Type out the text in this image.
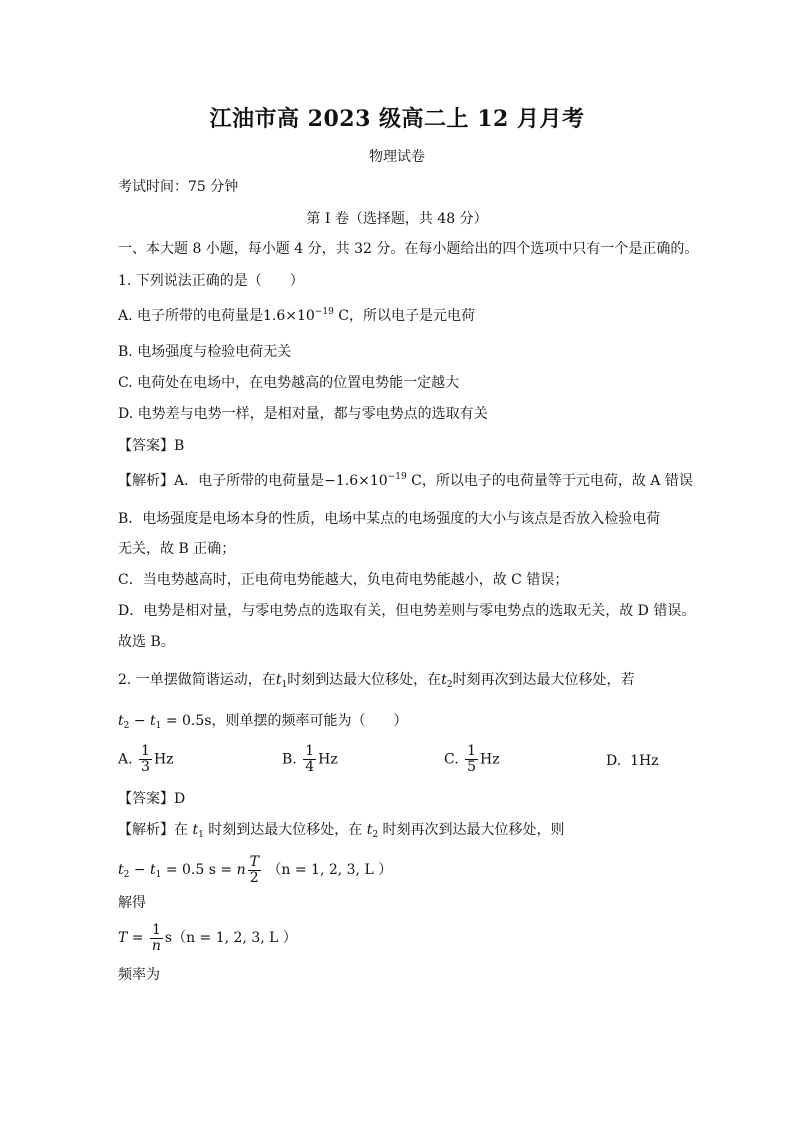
江油市高 2023 级高二上 12 月月考
物理试卷
考试时间：75 分钟
第 I 卷（选择题，共 48 分）
一、本大题 8 小题，每小题 4 分，共 32 分。在每小题给出的四个选项中只有一个是正确的。
1. 下列说法正确的是（　　）
A. 电子所带的电荷量是$1.6\times 10^{-19}$ C，所以电子是元电荷
B. 电场强度与检验电荷无关
C. 电荷处在电场中，在电势越高的位置电势能一定越大
D. 电势差与电势一样，是相对量，都与零电势点的选取有关
【答案】B
【解析】A．电子所带的电荷量是$-1.6\times 10^{-19}$ C，所以电子的电荷量等于元电荷，故 A 错误
B．电场强度是电场本身的性质，电场中某点的电场强度的大小与该点是否放入检验电荷
无关，故 B 正确；
C．当电势越高时，正电荷电势能越大，负电荷电势能越小，故 C 错误；
D．电势是相对量，与零电势点的选取有关，但电势差则与零电势点的选取无关，故 D 错误。
故选 B。
2. 一单摆做简谐运动，在$t_1$时刻到达最大位移处，在$t_2$时刻再次到达最大位移处，若
$t_2 - t_1 = 0.5s$，则单摆的频率可能为（　　）
A. $\frac{1}{3}$ Hz	B. $\frac{1}{4}$ Hz	C. $\frac{1}{5}$ Hz	D. 1Hz
【答案】D
【解析】在 $t_1$ 时刻到达最大位移处，在 $t_2$ 时刻再次到达最大位移处，则
$t_2 - t_1 = 0.5$ s = n $\frac{T}{2} (n = 1$, 2, 3, L ）
解得
$T = \frac{1}{n} s(n = 1$, 2, 3, L ）
频率为
